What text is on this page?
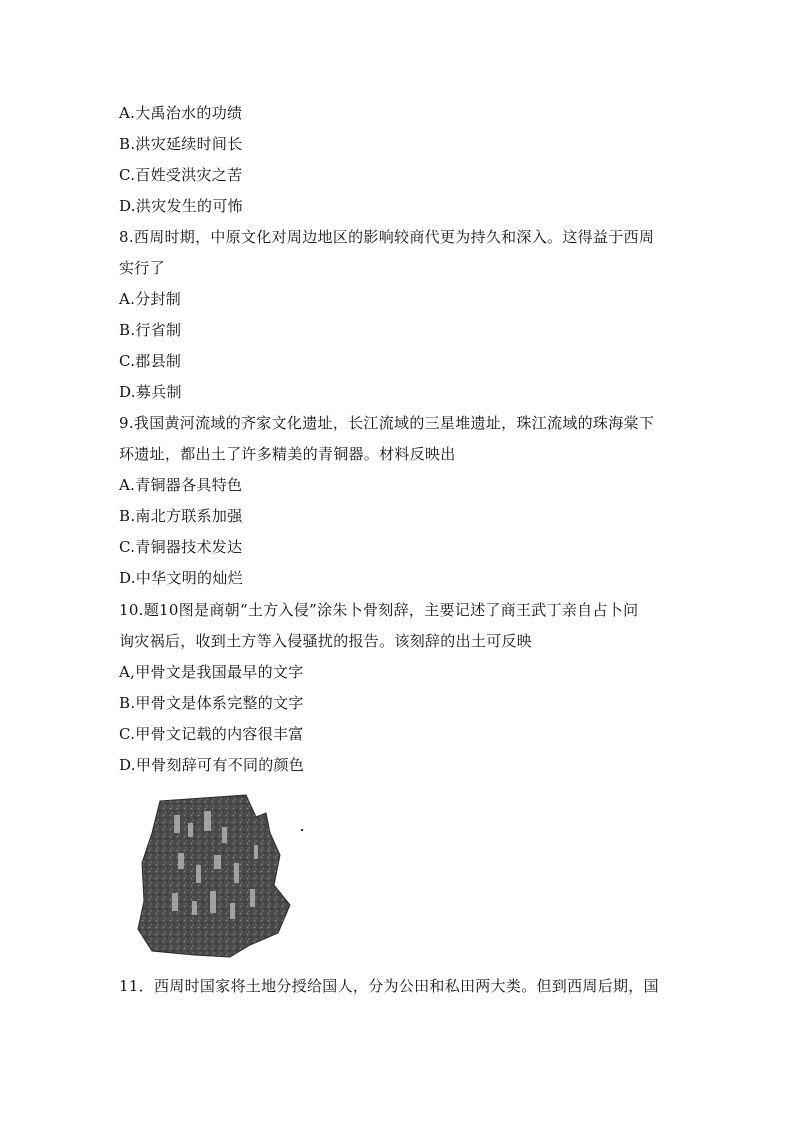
A.大禹治水的功绩
B.洪灾延续时间长
C.百姓受洪灾之苦
D.洪灾发生的可怖
8.西周时期，中原文化对周边地区的影响较商代更为持久和深入。这得益于西周
实行了
A.分封制
B.行省制
C.郡县制
D.募兵制
9.我国黄河流域的齐家文化遗址，长江流域的三星堆遗址，珠江流域的珠海棠下
环遗址，都出土了许多精美的青铜器。材料反映出
A.青铜器各具特色
B.南北方联系加强
C.青铜器技术发达
D.中华文明的灿烂
10.题10图是商朝“土方入侵”涂朱卜骨刻辞，主要记述了商王武丁亲自占卜问
询灾祸后，收到土方等入侵骚扰的报告。该刻辞的出土可反映
A,甲骨文是我国最早的文字
B.甲骨文是体系完整的文字
C.甲骨文记载的内容很丰富
D.甲骨刻辞可有不同的颜色
11．西周时国家将土地分授给国人，分为公田和私田两大类。但到西周后期，国
